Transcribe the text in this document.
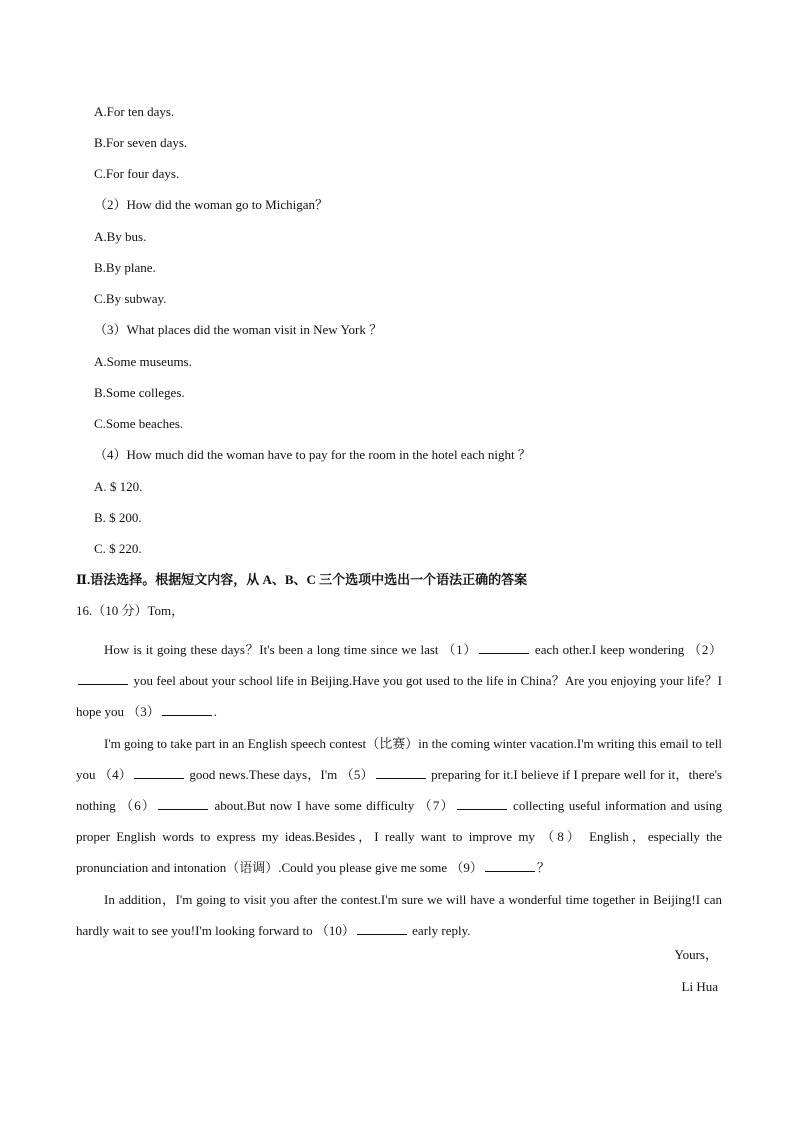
A.For ten days.
B.For seven days.
C.For four days.
（2）How did the woman go to Michigan？
A.By bus.
B.By plane.
C.By subway.
（3）What places did the woman visit in New York ？
A.Some museums.
B.Some colleges.
C.Some beaches.
（4）How much did the woman have to pay for the room in the hotel each night ？
A. $ 120.
B. $ 200.
C. $ 220.
Ⅱ.语法选择。根据短文内容，从 A、B、C 三个选项中选出一个语法正确的答案
16.（10 分）Tom，

How is it going these days？It's been a long time since we last （1）	each other.I keep wondering （2） you feel about your school life in Beijing.Have you got used to the life in China？Are you enjoying your life？I hope you （3）	.

I'm going to take part in an English speech contest（比赛）in the coming winter vacation.I'm writing this email to tell you （4）	good news.These days，I'm （5）	preparing for it.I believe if I prepare well for it，there's nothing （6）	about.But now I have some difficulty （7）	collecting useful information and using proper English words to express my ideas.Besides，I really want to improve my （8） English，especially the pronunciation and intonation（语调）.Could you please give me some （9）	？

In addition，I'm going to visit you after the contest.I'm sure we will have a wonderful time together in Beijing!I can hardly wait to see you!I'm looking forward to （10）	early reply.

Yours，
Li Hua
